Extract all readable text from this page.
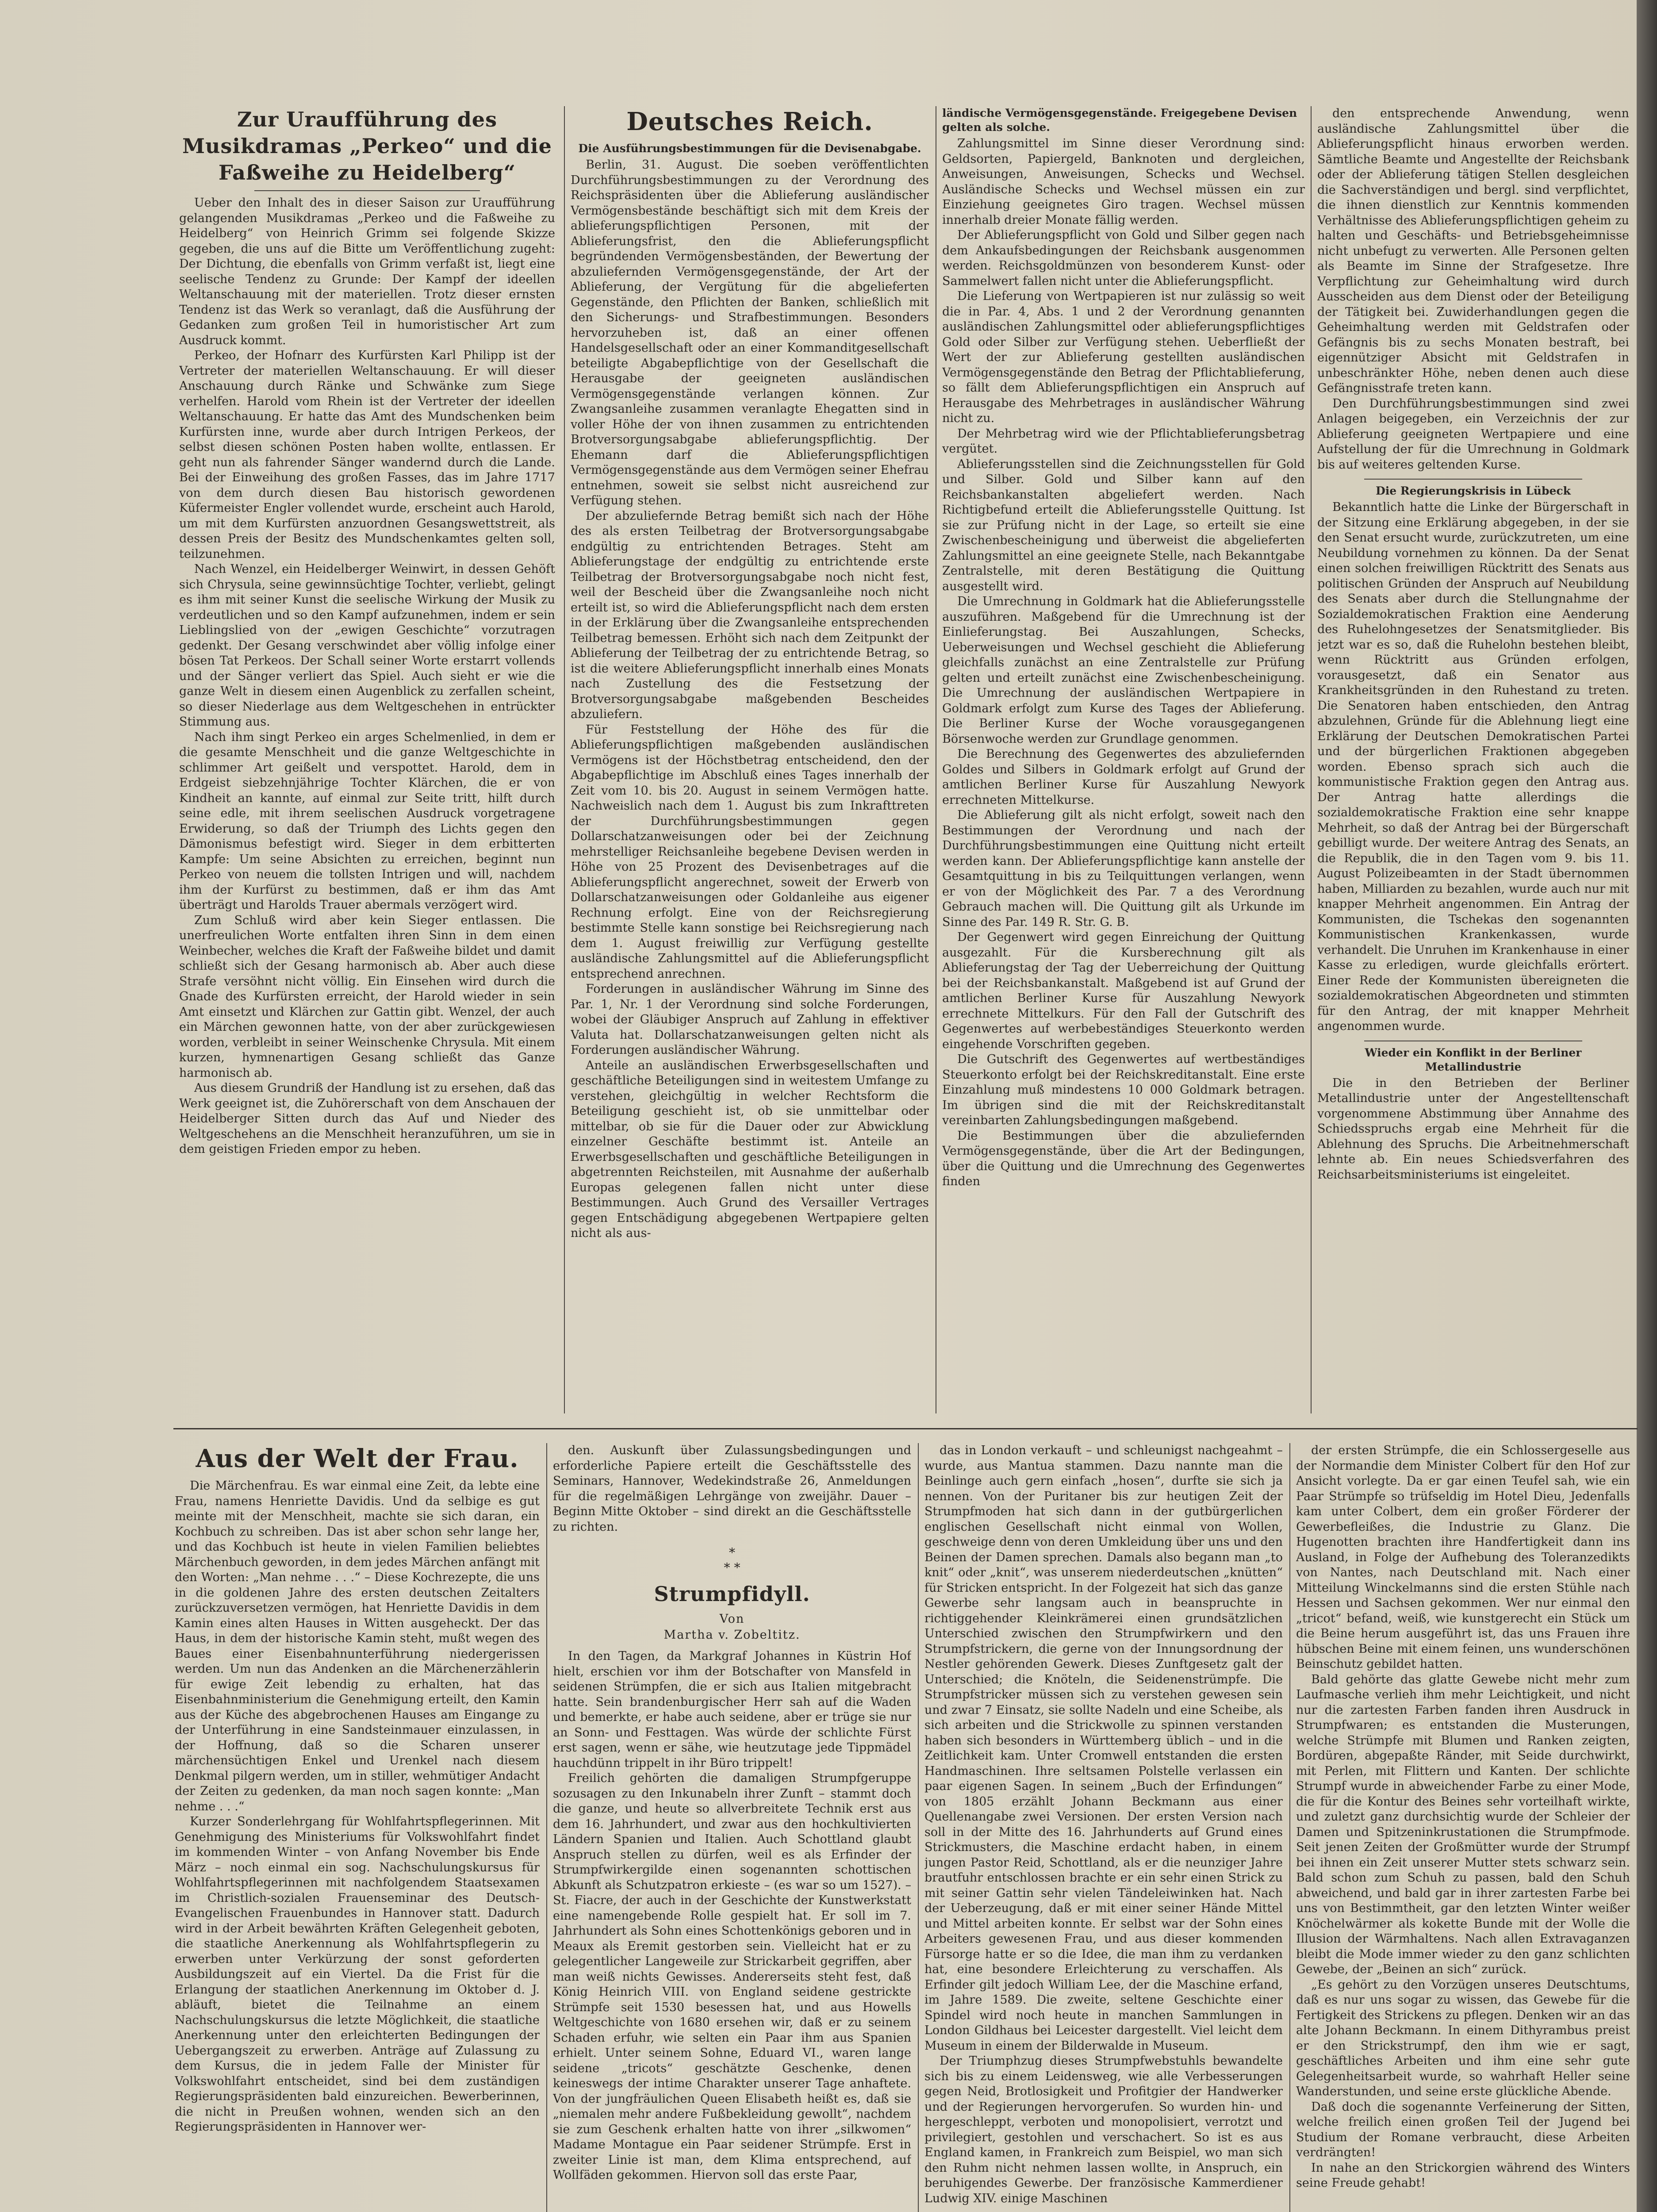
Zur Uraufführung des Musikdramas „Perkeo“ und die Faßweihe zu Heidelberg“

Ueber den Inhalt des in dieser Saison zur Uraufführung gelangenden Musikdramas „Perkeo und die Faßweihe zu Heidelberg“ von Heinrich Grimm sei folgende Skizze gegeben, die uns auf die Bitte um Veröffentlichung zugeht: Der Dichtung, die ebenfalls von Grimm verfaßt ist, liegt eine seelische Tendenz zu Grunde: Der Kampf der ideellen Weltanschauung mit der materiellen. Trotz dieser ernsten Tendenz ist das Werk so veranlagt, daß die Ausführung der Gedanken zum großen Teil in humoristischer Art zum Ausdruck kommt.

Perkeo, der Hofnarr des Kurfürsten Karl Philipp ist der Vertreter der materiellen Weltanschauung. Er will dieser Anschauung durch Ränke und Schwänke zum Siege verhelfen. Harold vom Rhein ist der Vertreter der ideellen Weltanschauung. Er hatte das Amt des Mundschenken beim Kurfürsten inne, wurde aber durch Intrigen Perkeos, der selbst diesen schönen Posten haben wollte, entlassen. Er geht nun als fahrender Sänger wandernd durch die Lande. Bei der Einweihung des großen Fasses, das im Jahre 1717 von dem durch diesen Bau historisch gewordenen Küfermeister Engler vollendet wurde, erscheint auch Harold, um mit dem Kurfürsten anzuordnen Gesangswettstreit, als dessen Preis der Besitz des Mundschenkamtes gelten soll, teilzunehmen.

Nach Wenzel, ein Heidelberger Weinwirt, in dessen Gehöft sich Chrysula, seine gewinnsüchtige Tochter, verliebt, gelingt es ihm mit seiner Kunst die seelische Wirkung der Musik zu verdeutlichen und so den Kampf aufzunehmen, indem er sein Lieblingslied von der „ewigen Geschichte“ vorzutragen gedenkt. Der Gesang verschwindet aber völlig infolge einer bösen Tat Perkeos. Der Schall seiner Worte erstarrt vollends und der Sänger verliert das Spiel. Auch sieht er wie die ganze Welt in diesem einen Augenblick zu zerfallen scheint, so dieser Niederlage aus dem Weltgeschehen in entrückter Stimmung aus.

Nach ihm singt Perkeo ein arges Schelmenlied, in dem er die gesamte Menschheit und die ganze Weltgeschichte in schlimmer Art geißelt und verspottet. Harold, dem in Erdgeist siebzehnjährige Tochter Klärchen, die er von Kindheit an kannte, auf einmal zur Seite tritt, hilft durch seine edle, mit ihrem seelischen Ausdruck vorgetragene Erwiderung, so daß der Triumph des Lichts gegen den Dämonismus befestigt wird. Sieger in dem erbitterten Kampfe: Um seine Absichten zu erreichen, beginnt nun Perkeo von neuem die tollsten Intrigen und will, nachdem ihm der Kurfürst zu bestimmen, daß er ihm das Amt überträgt und Harolds Trauer abermals verzögert wird.

Zum Schluß wird aber kein Sieger entlassen. Die unerfreulichen Worte entfalten ihren Sinn in dem einen Weinbecher, welches die Kraft der Faßweihe bildet und damit schließt sich der Gesang harmonisch ab. Aber auch diese Strafe versöhnt nicht völlig. Ein Einsehen wird durch die Gnade des Kurfürsten erreicht, der Harold wieder in sein Amt einsetzt und Klärchen zur Gattin gibt. Wenzel, der auch ein Märchen gewonnen hatte, von der aber zurückgewiesen worden, verbleibt in seiner Weinschenke Chrysula. Mit einem kurzen, hymnenartigen Gesang schließt das Ganze harmonisch ab.

Aus diesem Grundriß der Handlung ist zu ersehen, daß das Werk geeignet ist, die Zuhörerschaft von dem Anschauen der Heidelberger Sitten durch das Auf und Nieder des Weltgeschehens an die Menschheit heranzuführen, um sie in dem geistigen Frieden empor zu heben.

Deutsches Reich.
Die Ausführungsbestimmungen für die Devisenabgabe.

Berlin, 31. August. Die soeben veröffentlichten Durchführungsbestimmungen zu der Verordnung des Reichspräsidenten über die Ablieferung ausländischer Vermögensbestände beschäftigt sich mit dem Kreis der ablieferungspflichtigen Personen, mit der Ablieferungsfrist, den die Ablieferungspflicht begründenden Vermögensbeständen, der Bewertung der abzuliefernden Vermögensgegenstände, der Art der Ablieferung, der Vergütung für die abgelieferten Gegenstände, den Pflichten der Banken, schließlich mit den Sicherungs- und Strafbestimmungen. Besonders hervorzuheben ist, daß an einer offenen Handelsgesellschaft oder an einer Kommanditgesellschaft beteiligte Abgabepflichtige von der Gesellschaft die Herausgabe der geeigneten ausländischen Vermögensgegenstände verlangen können. Zur Zwangsanleihe zusammen veranlagte Ehegatten sind in voller Höhe der von ihnen zusammen zu entrichtenden Brotversorgungsabgabe ablieferungspflichtig. Der Ehemann darf die Ablieferungspflichtigen Vermögensgegenstände aus dem Vermögen seiner Ehefrau entnehmen, soweit sie selbst nicht ausreichend zur Verfügung stehen.

Der abzuliefernde Betrag bemißt sich nach der Höhe des als ersten Teilbetrag der Brotversorgungsabgabe endgültig zu entrichtenden Betrages. Steht am Ablieferungstage der endgültig zu entrichtende erste Teilbetrag der Brotversorgungsabgabe noch nicht fest, weil der Bescheid über die Zwangsanleihe noch nicht erteilt ist, so wird die Ablieferungspflicht nach dem ersten in der Erklärung über die Zwangsanleihe entsprechenden Teilbetrag bemessen. Erhöht sich nach dem Zeitpunkt der Ablieferung der Teilbetrag der zu entrichtende Betrag, so ist die weitere Ablieferungspflicht innerhalb eines Monats nach Zustellung des die Festsetzung der Brotversorgungsabgabe maßgebenden Bescheides abzuliefern.

Für Feststellung der Höhe des für die Ablieferungspflichtigen maßgebenden ausländischen Vermögens ist der Höchstbetrag entscheidend, den der Abgabepflichtige im Abschluß eines Tages innerhalb der Zeit vom 10. bis 20. August in seinem Vermögen hatte. Nachweislich nach dem 1. August bis zum Inkrafttreten der Durchführungsbestimmungen gegen Dollarschatzanweisungen oder bei der Zeichnung mehrstelliger Reichsanleihe begebene Devisen werden in Höhe von 25 Prozent des Devisenbetrages auf die Ablieferungspflicht angerechnet, soweit der Erwerb von Dollarschatzanweisungen oder Goldanleihe aus eigener Rechnung erfolgt. Eine von der Reichsregierung bestimmte Stelle kann sonstige bei Reichsregierung nach dem 1. August freiwillig zur Verfügung gestellte ausländische Zahlungsmittel auf die Ablieferungspflicht entsprechend anrechnen.

Forderungen in ausländischer Währung im Sinne des Par. 1, Nr. 1 der Verordnung sind solche Forderungen, wobei der Gläubiger Anspruch auf Zahlung in effektiver Valuta hat. Dollarschatzanweisungen gelten nicht als Forderungen ausländischer Währung.

Anteile an ausländischen Erwerbsgesellschaften und geschäftliche Beteiligungen sind in weitestem Umfange zu verstehen, gleichgültig in welcher Rechtsform die Beteiligung geschieht ist, ob sie unmittelbar oder mittelbar, ob sie für die Dauer oder zur Abwicklung einzelner Geschäfte bestimmt ist. Anteile an Erwerbsgesellschaften und geschäftliche Beteiligungen in abgetrennten Reichsteilen, mit Ausnahme der außerhalb Europas gelegenen fallen nicht unter diese Bestimmungen. Auch Grund des Versailler Vertrages gegen Entschädigung abgegebenen Wertpapiere gelten nicht als aus-

ländische Vermögensgegenstände. Freigegebene Devisen gelten als solche.

Zahlungsmittel im Sinne dieser Verordnung sind: Geldsorten, Papiergeld, Banknoten und dergleichen, Anweisungen, Anweisungen, Schecks und Wechsel. Ausländische Schecks und Wechsel müssen ein zur Einziehung geeignetes Giro tragen. Wechsel müssen innerhalb dreier Monate fällig werden.

Der Ablieferungspflicht von Gold und Silber gegen nach dem Ankaufsbedingungen der Reichsbank ausgenommen werden. Reichsgoldmünzen von besonderem Kunst- oder Sammelwert fallen nicht unter die Ablieferungspflicht.

Die Lieferung von Wertpapieren ist nur zulässig so weit die in Par. 4, Abs. 1 und 2 der Verordnung genannten ausländischen Zahlungsmittel oder ablieferungspflichtiges Gold oder Silber zur Verfügung stehen. Ueberfließt der Wert der zur Ablieferung gestellten ausländischen Vermögensgegenstände den Betrag der Pflichtablieferung, so fällt dem Ablieferungspflichtigen ein Anspruch auf Herausgabe des Mehrbetrages in ausländischer Währung nicht zu.

Der Mehrbetrag wird wie der Pflichtablieferungsbetrag vergütet.

Ablieferungsstellen sind die Zeichnungsstellen für Gold und Silber. Gold und Silber kann auf den Reichsbankanstalten abgeliefert werden. Nach Richtigbefund erteilt die Ablieferungsstelle Quittung. Ist sie zur Prüfung nicht in der Lage, so erteilt sie eine Zwischenbescheinigung und überweist die abgelieferten Zahlungsmittel an eine geeignete Stelle, nach Bekanntgabe Zentralstelle, mit deren Bestätigung die Quittung ausgestellt wird.

Die Umrechnung in Goldmark hat die Ablieferungsstelle auszuführen. Maßgebend für die Umrechnung ist der Einlieferungstag. Bei Auszahlungen, Schecks, Ueberweisungen und Wechsel geschieht die Ablieferung gleichfalls zunächst an eine Zentralstelle zur Prüfung gelten und erteilt zunächst eine Zwischenbescheinigung. Die Umrechnung der ausländischen Wertpapiere in Goldmark erfolgt zum Kurse des Tages der Ablieferung. Die Berliner Kurse der Woche vorausgegangenen Börsenwoche werden zur Grundlage genommen.

Die Berechnung des Gegenwertes des abzuliefernden Goldes und Silbers in Goldmark erfolgt auf Grund der amtlichen Berliner Kurse für Auszahlung Newyork errechneten Mittelkurse.

Die Ablieferung gilt als nicht erfolgt, soweit nach den Bestimmungen der Verordnung und nach der Durchführungsbestimmungen eine Quittung nicht erteilt werden kann. Der Ablieferungspflichtige kann anstelle der Gesamtquittung in bis zu Teilquittungen verlangen, wenn er von der Möglichkeit des Par. 7 a des Verordnung Gebrauch machen will. Die Quittung gilt als Urkunde im Sinne des Par. 149 R. Str. G. B.

Der Gegenwert wird gegen Einreichung der Quittung ausgezahlt. Für die Kursberechnung gilt als Ablieferungstag der Tag der Ueberreichung der Quittung bei der Reichsbankanstalt. Maßgebend ist auf Grund der amtlichen Berliner Kurse für Auszahlung Newyork errechnete Mittelkurs. Für den Fall der Gutschrift des Gegenwertes auf werbebeständiges Steuerkonto werden eingehende Vorschriften gegeben.

Die Gutschrift des Gegenwertes auf wertbeständiges Steuerkonto erfolgt bei der Reichskreditanstalt. Eine erste Einzahlung muß mindestens 10 000 Goldmark betragen. Im übrigen sind die mit der Reichskreditanstalt vereinbarten Zahlungsbedingungen maßgebend.

Die Bestimmungen über die abzuliefernden Vermögensgegenstände, über die Art der Bedingungen, über die Quittung und die Umrechnung des Gegenwertes finden

den entsprechende Anwendung, wenn ausländische Zahlungsmittel über die Ablieferungspflicht hinaus erworben werden. Sämtliche Beamte und Angestellte der Reichsbank oder der Ablieferung tätigen Stellen desgleichen die Sachverständigen und bergl. sind verpflichtet, die ihnen dienstlich zur Kenntnis kommenden Verhältnisse des Ablieferungspflichtigen geheim zu halten und Geschäfts- und Betriebsgeheimnisse nicht unbefugt zu verwerten. Alle Personen gelten als Beamte im Sinne der Strafgesetze. Ihre Verpflichtung zur Geheimhaltung wird durch Ausscheiden aus dem Dienst oder der Beteiligung der Tätigkeit bei. Zuwiderhandlungen gegen die Geheimhaltung werden mit Geldstrafen oder Gefängnis bis zu sechs Monaten bestraft, bei eigennütziger Absicht mit Geldstrafen in unbeschränkter Höhe, neben denen auch diese Gefängnisstrafe treten kann.

Den Durchführungsbestimmungen sind zwei Anlagen beigegeben, ein Verzeichnis der zur Ablieferung geeigneten Wertpapiere und eine Aufstellung der für die Umrechnung in Goldmark bis auf weiteres geltenden Kurse.

Die Regierungskrisis in Lübeck

Bekanntlich hatte die Linke der Bürgerschaft in der Sitzung eine Erklärung abgegeben, in der sie den Senat ersucht wurde, zurückzutreten, um eine Neubildung vornehmen zu können. Da der Senat einen solchen freiwilligen Rücktritt des Senats aus politischen Gründen der Anspruch auf Neubildung des Senats aber durch die Stellungnahme der Sozialdemokratischen Fraktion eine Aenderung des Ruhelohngesetzes der Senatsmitglieder. Bis jetzt war es so, daß die Ruhelohn bestehen bleibt, wenn Rücktritt aus Gründen erfolgen, vorausgesetzt, daß ein Senator aus Krankheitsgründen in den Ruhestand zu treten. Die Senatoren haben entschieden, den Antrag abzulehnen, Gründe für die Ablehnung liegt eine Erklärung der Deutschen Demokratischen Partei und der bürgerlichen Fraktionen abgegeben worden. Ebenso sprach sich auch die kommunistische Fraktion gegen den Antrag aus. Der Antrag hatte allerdings die sozialdemokratische Fraktion eine sehr knappe Mehrheit, so daß der Antrag bei der Bürgerschaft gebilligt wurde. Der weitere Antrag des Senats, an die Republik, die in den Tagen vom 9. bis 11. August Polizeibeamten in der Stadt übernommen haben, Milliarden zu bezahlen, wurde auch nur mit knapper Mehrheit angenommen. Ein Antrag der Kommunisten, die Tschekas den sogenannten Kommunistischen Krankenkassen, wurde verhandelt. Die Unruhen im Krankenhause in einer Kasse zu erledigen, wurde gleichfalls erörtert. Einer Rede der Kommunisten übereigneten die sozialdemokratischen Abgeordneten und stimmten für den Antrag, der mit knapper Mehrheit angenommen wurde.

Wieder ein Konflikt in der Berliner Metallindustrie

Die in den Betrieben der Berliner Metallindustrie unter der Angestelltenschaft vorgenommene Abstimmung über Annahme des Schiedsspruchs ergab eine Mehrheit für die Ablehnung des Spruchs. Die Arbeitnehmerschaft lehnte ab. Ein neues Schiedsverfahren des Reichsarbeitsministeriums ist eingeleitet.

Aus der Welt der Frau.

Die Märchenfrau. Es war einmal eine Zeit, da lebte eine Frau, namens Henriette Davidis. Und da selbige es gut meinte mit der Menschheit, machte sie sich daran, ein Kochbuch zu schreiben. Das ist aber schon sehr lange her, und das Kochbuch ist heute in vielen Familien beliebtes Märchenbuch geworden, in dem jedes Märchen anfängt mit den Worten: „Man nehme . . .“ – Diese Kochrezepte, die uns in die goldenen Jahre des ersten deutschen Zeitalters zurückzuversetzen vermögen, hat Henriette Davidis in dem Kamin eines alten Hauses in Witten ausgeheckt. Der das Haus, in dem der historische Kamin steht, mußt wegen des Baues einer Eisenbahnunterführung niedergerissen werden. Um nun das Andenken an die Märchenerzählerin für ewige Zeit lebendig zu erhalten, hat das Eisenbahnministerium die Genehmigung erteilt, den Kamin aus der Küche des abgebrochenen Hauses am Eingange zu der Unterführung in eine Sandsteinmauer einzulassen, in der Hoffnung, daß so die Scharen unserer märchensüchtigen Enkel und Urenkel nach diesem Denkmal pilgern werden, um in stiller, wehmütiger Andacht der Zeiten zu gedenken, da man noch sagen konnte: „Man nehme . . .“

Kurzer Sonderlehrgang für Wohlfahrtspflegerinnen. Mit Genehmigung des Ministeriums für Volkswohlfahrt findet im kommenden Winter – von Anfang November bis Ende März – noch einmal ein sog. Nachschulungskursus für Wohlfahrtspflegerinnen mit nachfolgendem Staatsexamen im Christlich-sozialen Frauenseminar des Deutsch-Evangelischen Frauenbundes in Hannover statt. Dadurch wird in der Arbeit bewährten Kräften Gelegenheit geboten, die staatliche Anerkennung als Wohlfahrtspflegerin zu erwerben unter Verkürzung der sonst geforderten Ausbildungszeit auf ein Viertel. Da die Frist für die Erlangung der staatlichen Anerkennung im Oktober d. J. abläuft, bietet die Teilnahme an einem Nachschulungskursus die letzte Möglichkeit, die staatliche Anerkennung unter den erleichterten Bedingungen der Uebergangszeit zu erwerben. Anträge auf Zulassung zu dem Kursus, die in jedem Falle der Minister für Volkswohlfahrt entscheidet, sind bei dem zuständigen Regierungspräsidenten bald einzureichen. Bewerberinnen, die nicht in Preußen wohnen, wenden sich an den Regierungspräsidenten in Hannover wer-

den. Auskunft über Zulassungsbedingungen und erforderliche Papiere erteilt die Geschäftsstelle des Seminars, Hannover, Wedekindstraße 26, Anmeldungen für die regelmäßigen Lehrgänge von zweijähr. Dauer – Beginn Mitte Oktober – sind direkt an die Geschäftsstelle zu richten.

*
* *
Strumpfidyll.
Von
Martha v. Zobeltitz.

In den Tagen, da Markgraf Johannes in Küstrin Hof hielt, erschien vor ihm der Botschafter von Mansfeld in seidenen Strümpfen, die er sich aus Italien mitgebracht hatte. Sein brandenburgischer Herr sah auf die Waden und bemerkte, er habe auch seidene, aber er trüge sie nur an Sonn- und Festtagen. Was würde der schlichte Fürst erst sagen, wenn er sähe, wie heutzutage jede Tippmädel hauchdünn trippelt in ihr Büro trippelt!

Freilich gehörten die damaligen Strumpfgeruppe sozusagen zu den Inkunabeln ihrer Zunft – stammt doch die ganze, und heute so allverbreitete Technik erst aus dem 16. Jahrhundert, und zwar aus den hochkultivierten Ländern Spanien und Italien. Auch Schottland glaubt Anspruch stellen zu dürfen, weil es als Erfinder der Strumpfwirkergilde einen sogenannten schottischen Abkunft als Schutzpatron erkieste – (es war so um 1527). – St. Fiacre, der auch in der Geschichte der Kunstwerkstatt eine namengebende Rolle gespielt hat. Er soll im 7. Jahrhundert als Sohn eines Schottenkönigs geboren und in Meaux als Eremit gestorben sein. Vielleicht hat er zu gelegentlicher Langeweile zur Strickarbeit gegriffen, aber man weiß nichts Gewisses. Andererseits steht fest, daß König Heinrich VIII. von England seidene gestrickte Strümpfe seit 1530 besessen hat, und aus Howells Weltgeschichte von 1680 ersehen wir, daß er zu seinem Schaden erfuhr, wie selten ein Paar ihm aus Spanien erhielt. Unter seinem Sohne, Eduard VI., waren lange seidene „tricots“ geschätzte Geschenke, denen keineswegs der intime Charakter unserer Tage anhaftete. Von der jungfräulichen Queen Elisabeth heißt es, daß sie „niemalen mehr andere Fußbekleidung gewollt“, nachdem sie zum Geschenk erhalten hatte von ihrer „silkwomen“ Madame Montague ein Paar seidener Strümpfe. Erst in zweiter Linie ist man, dem Klima entsprechend, auf Wollfäden gekommen. Hiervon soll das erste Paar,

das in London verkauft – und schleunigst nachgeahmt – wurde, aus Mantua stammen. Dazu nannte man die Beinlinge auch gern einfach „hosen“, durfte sie sich ja nennen. Von der Puritaner bis zur heutigen Zeit der Strumpfmoden hat sich dann in der gutbürgerlichen englischen Gesellschaft nicht einmal von Wollen, geschweige denn von deren Umkleidung über uns und den Beinen der Damen sprechen. Damals also begann man „to knit“ oder „knit“, was unserem niederdeutschen „knütten“ für Stricken entspricht. In der Folgezeit hat sich das ganze Gewerbe sehr langsam auch in beanspruchte in richtiggehender Kleinkrämerei einen grundsätzlichen Unterschied zwischen den Strumpfwirkern und den Strumpfstrickern, die gerne von der Innungsordnung der Nestler gehörenden Gewerk. Dieses Zunftgesetz galt der Unterschied; die Knöteln, die Seidenenstrümpfe. Die Strumpfstricker müssen sich zu verstehen gewesen sein und zwar 7 Einsatz, sie sollte Nadeln und eine Scheibe, als sich arbeiten und die Strickwolle zu spinnen verstanden haben sich besonders in Württemberg üblich – und in die Zeitlichkeit kam. Unter Cromwell entstanden die ersten Handmaschinen. Ihre seltsamen Polstelle verlassen ein paar eigenen Sagen. In seinem „Buch der Erfindungen“ von 1805 erzählt Johann Beckmann aus einer Quellenangabe zwei Versionen. Der ersten Version nach soll in der Mitte des 16. Jahrhunderts auf Grund eines Strickmusters, die Maschine erdacht haben, in einem jungen Pastor Reid, Schottland, als er die neunziger Jahre brautfuhr entschlossen brachte er ein sehr einen Strick zu mit seiner Gattin sehr vielen Tändeleiwinken hat. Nach der Ueberzeugung, daß er mit einer seiner Hände Mittel und Mittel arbeiten konnte. Er selbst war der Sohn eines Arbeiters gewesenen Frau, und aus dieser kommenden Fürsorge hatte er so die Idee, die man ihm zu verdanken hat, eine besondere Erleichterung zu verschaffen. Als Erfinder gilt jedoch William Lee, der die Maschine erfand, im Jahre 1589. Die zweite, seltene Geschichte einer Spindel wird noch heute in manchen Sammlungen in London Gildhaus bei Leicester dargestellt. Viel leicht dem Museum in einem der Bilderwalde in Museum.

Der Triumphzug dieses Strumpfwebstuhls bewandelte sich bis zu einem Leidensweg, wie alle Verbesserungen gegen Neid, Brotlosigkeit und Profitgier der Handwerker und der Regierungen hervorgerufen. So wurden hin- und hergeschleppt, verboten und monopolisiert, verrotzt und privilegiert, gestohlen und verschachert. So ist es aus England kamen, in Frankreich zum Beispiel, wo man sich den Ruhm nicht nehmen lassen wollte, in Anspruch, ein beruhigendes Gewerbe. Der französische Kammerdiener Ludwig XIV. einige Maschinen

der ersten Strümpfe, die ein Schlossergeselle aus der Normandie dem Minister Colbert für den Hof zur Ansicht vorlegte. Da er gar einen Teufel sah, wie ein Paar Strümpfe so trüfseldig im Hotel Dieu, Jedenfalls kam unter Colbert, dem ein großer Förderer der Gewerbefleißes, die Industrie zu Glanz. Die Hugenotten brachten ihre Handfertigkeit dann ins Ausland, in Folge der Aufhebung des Toleranzedikts von Nantes, nach Deutschland mit. Nach einer Mitteilung Winckelmanns sind die ersten Stühle nach Hessen und Sachsen gekommen. Wer nur einmal den „tricot“ befand, weiß, wie kunstgerecht ein Stück um die Beine herum ausgeführt ist, das uns Frauen ihre hübschen Beine mit einem feinen, uns wunderschönen Beinschutz gebildet hatten.

Bald gehörte das glatte Gewebe nicht mehr zum Laufmasche verlieh ihm mehr Leichtigkeit, und nicht nur die zartesten Farben fanden ihren Ausdruck in Strumpfwaren; es entstanden die Musterungen, welche Strümpfe mit Blumen und Ranken zeigten, Bordüren, abgepaßte Ränder, mit Seide durchwirkt, mit Perlen, mit Flittern und Kanten. Der schlichte Strumpf wurde in abweichender Farbe zu einer Mode, die für die Kontur des Beines sehr vorteilhaft wirkte, und zuletzt ganz durchsichtig wurde der Schleier der Damen und Spitzeninkrustationen die Strumpfmode. Seit jenen Zeiten der Großmütter wurde der Strumpf bei ihnen ein Zeit unserer Mutter stets schwarz sein. Bald schon zum Schuh zu passen, bald den Schuh abweichend, und bald gar in ihrer zartesten Farbe bei uns von Bestimmtheit, gar den letzten Winter weißer Knöchelwärmer als kokette Bunde mit der Wolle die Illusion der Wärmhaltens. Nach allen Extravaganzen bleibt die Mode immer wieder zu den ganz schlichten Gewebe, der „Beinen an sich“ zurück.

„Es gehört zu den Vorzügen unseres Deutschtums, daß es nur uns sogar zu wissen, das Gewebe für die Fertigkeit des Strickens zu pflegen. Denken wir an das alte Johann Beckmann. In einem Dithyrambus preist er den Strickstrumpf, den ihm wie er sagt, geschäftliches Arbeiten und ihm eine sehr gute Gelegenheitsarbeit wurde, so wahrhaft Heller seine Wanderstunden, und seine erste glückliche Abende.

Daß doch die sogenannte Verfeinerung der Sitten, welche freilich einen großen Teil der Jugend bei Studium der Romane verbraucht, diese Arbeiten verdrängten!

In nahe an den Strickorgien während des Winters seine Freude gehabt!
